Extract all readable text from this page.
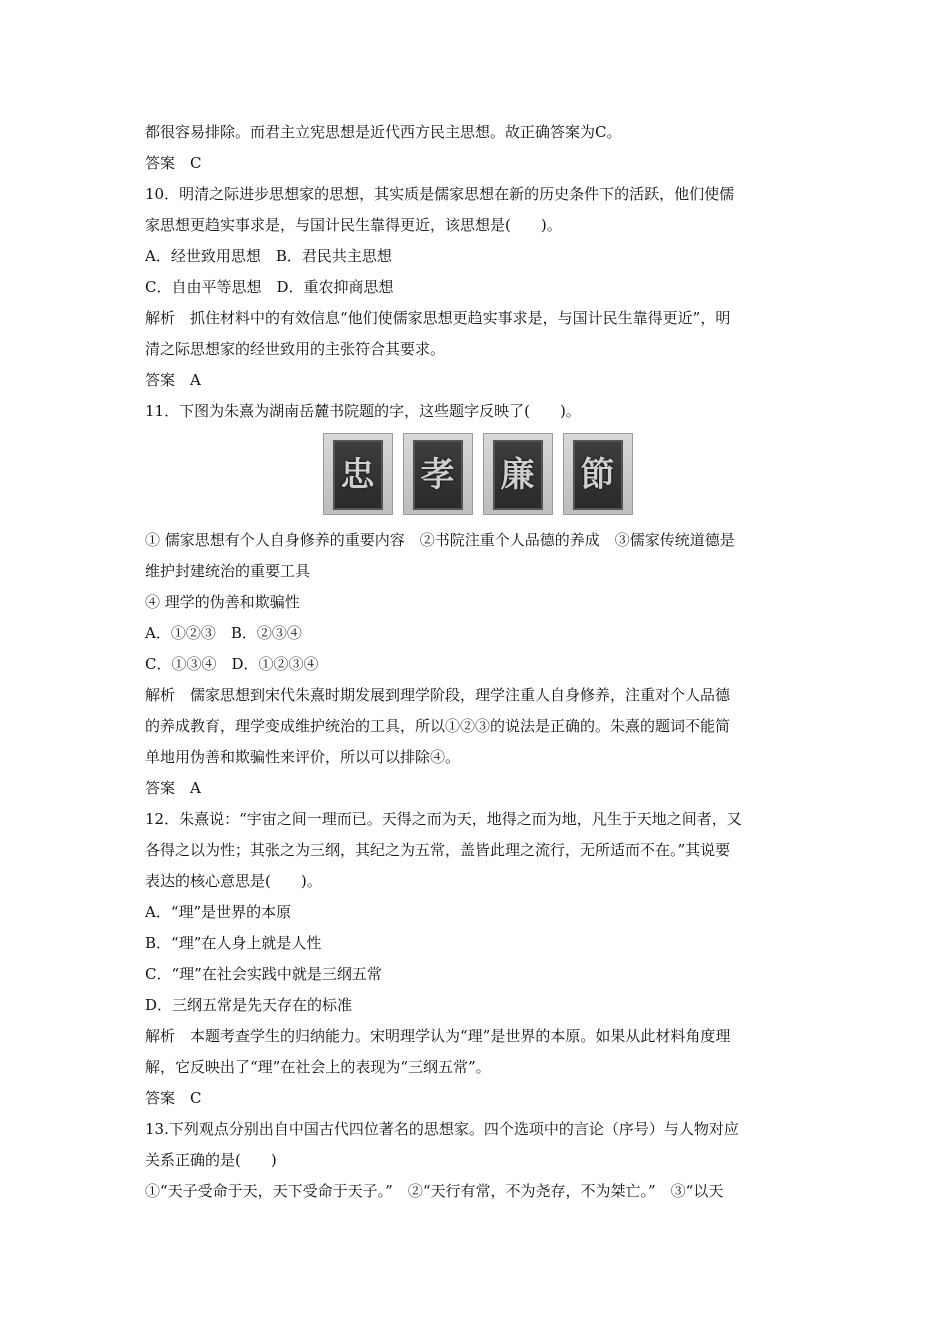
都很容易排除。而君主立宪思想是近代西方民主思想。故正确答案为C。
答案　C
10．明清之际进步思想家的思想，其实质是儒家思想在新的历史条件下的活跃，他们使儒
家思想更趋实事求是，与国计民生靠得更近，该思想是(　　)。
A．经世致用思想　B．君民共主思想
C．自由平等思想　D．重农抑商思想
解析　抓住材料中的有效信息“他们使儒家思想更趋实事求是，与国计民生靠得更近”，明
清之际思想家的经世致用的主张符合其要求。
答案　A
11．下图为朱熹为湖南岳麓书院题的字，这些题字反映了(　　)。
忠 孝 廉 節
① 儒家思想有个人自身修养的重要内容　②书院注重个人品德的养成　③儒家传统道德是
维护封建统治的重要工具
④ 理学的伪善和欺骗性
A．①②③　B．②③④
C．①③④　D．①②③④
解析　儒家思想到宋代朱熹时期发展到理学阶段，理学注重人自身修养，注重对个人品德
的养成教育，理学变成维护统治的工具，所以①②③的说法是正确的。朱熹的题词不能简
单地用伪善和欺骗性来评价，所以可以排除④。
答案　A
12．朱熹说：“宇宙之间一理而已。天得之而为天，地得之而为地，凡生于天地之间者，又
各得之以为性；其张之为三纲，其纪之为五常，盖皆此理之流行，无所适而不在。”其说要
表达的核心意思是(　　)。
A．“理”是世界的本原
B．“理”在人身上就是人性
C．“理”在社会实践中就是三纲五常
D．三纲五常是先天存在的标准
解析　本题考查学生的归纳能力。宋明理学认为“理”是世界的本原。如果从此材料角度理
解，它反映出了“理”在社会上的表现为“三纲五常”。
答案　C
13.下列观点分别出自中国古代四位著名的思想家。四个选项中的言论（序号）与人物对应
关系正确的是(　　)
①“天子受命于天，天下受命于天子。”　②“天行有常，不为尧存，不为桀亡。”　③“以天
